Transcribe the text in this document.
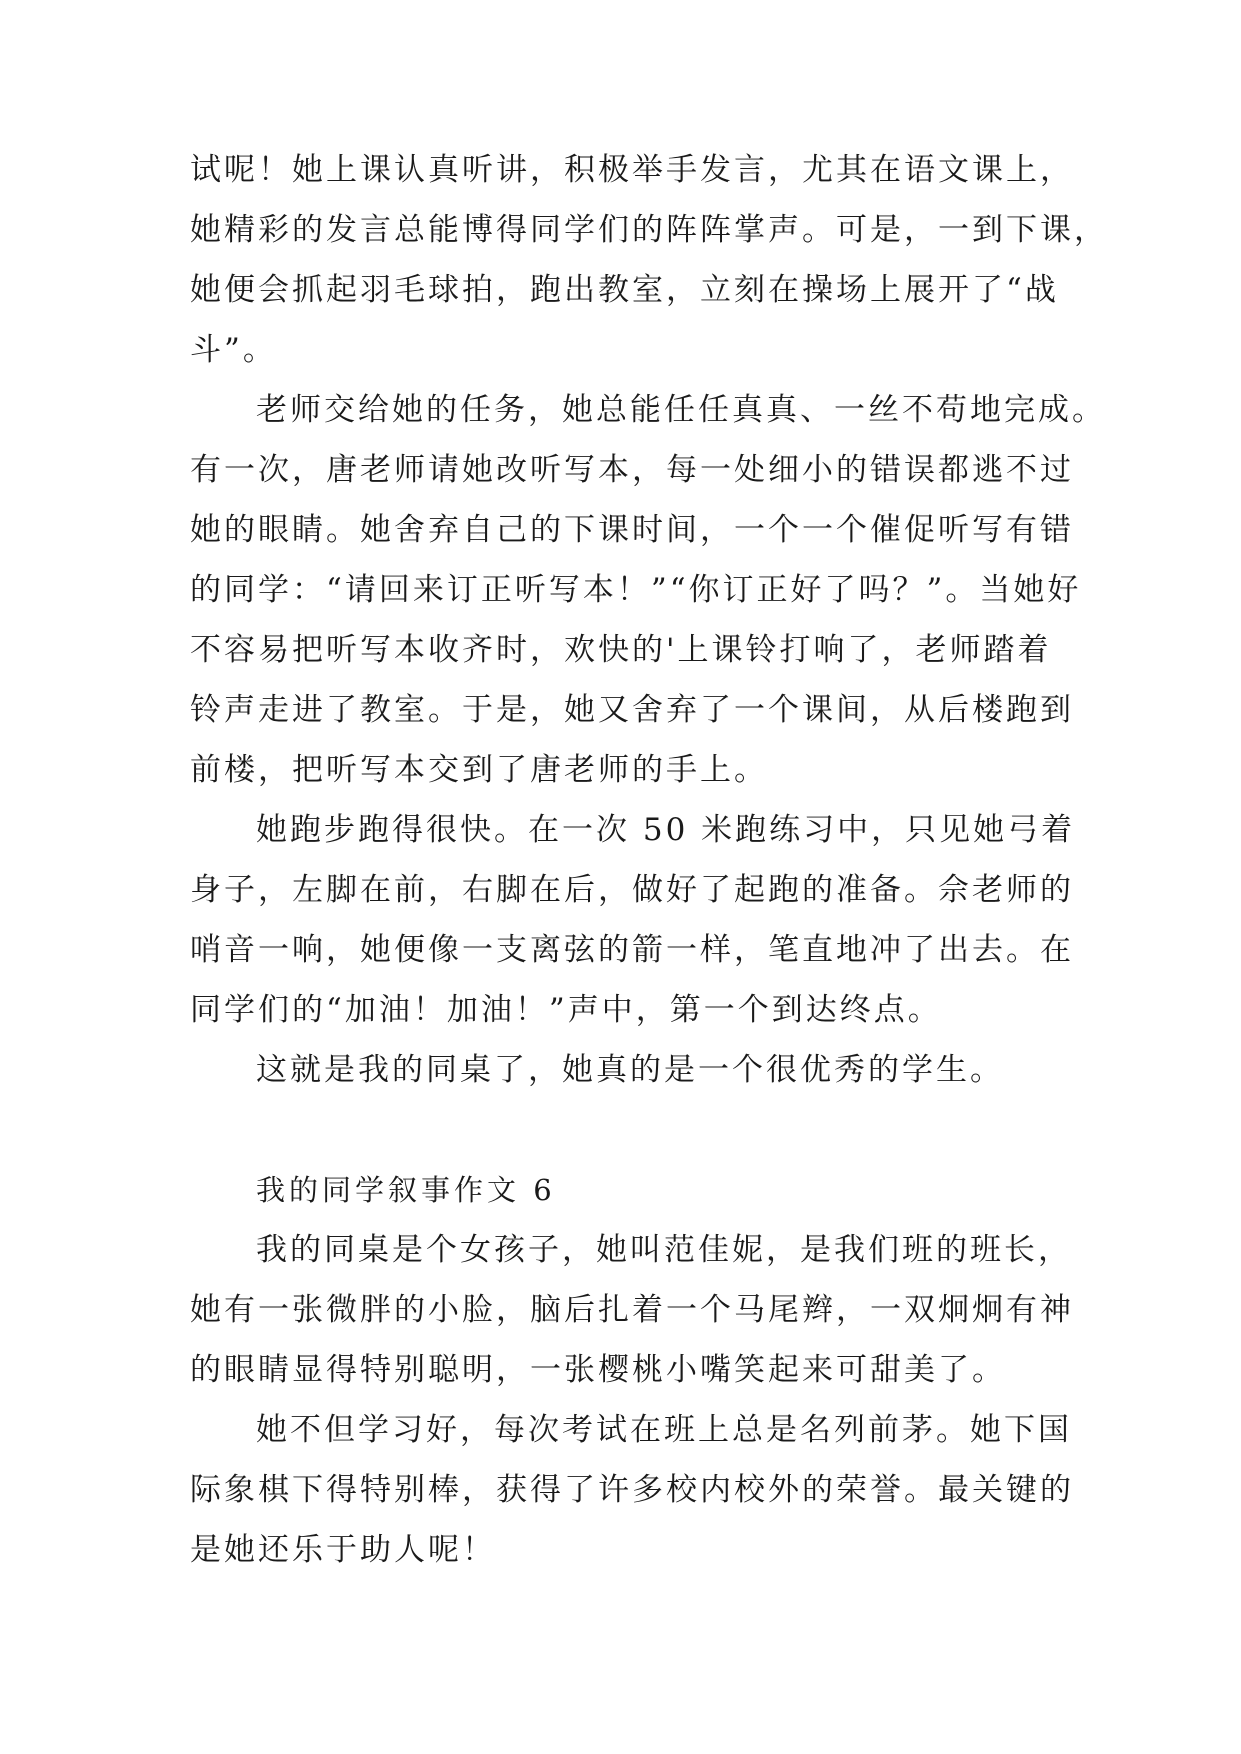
试呢！她上课认真听讲，积极举手发言，尤其在语文课上，
她精彩的发言总能博得同学们的阵阵掌声。可是，一到下课，
她便会抓起羽毛球拍，跑出教室，立刻在操场上展开了“战
斗”。
老师交给她的任务，她总能任任真真、一丝不苟地完成。
有一次，唐老师请她改听写本，每一处细小的错误都逃不过
她的眼睛。她舍弃自己的下课时间，一个一个催促听写有错
的同学：“请回来订正听写本！”“你订正好了吗？”。当她好
不容易把听写本收齐时，欢快的'上课铃打响了，老师踏着
铃声走进了教室。于是，她又舍弃了一个课间，从后楼跑到
前楼，把听写本交到了唐老师的手上。
她跑步跑得很快。在一次 50 米跑练习中，只见她弓着
身子，左脚在前，右脚在后，做好了起跑的准备。佘老师的
哨音一响，她便像一支离弦的箭一样，笔直地冲了出去。在
同学们的“加油！加油！”声中，第一个到达终点。
这就是我的同桌了，她真的是一个很优秀的学生。
我的同学叙事作文 6
我的同桌是个女孩子，她叫范佳妮，是我们班的班长，
她有一张微胖的小脸，脑后扎着一个马尾辫，一双炯炯有神
的眼睛显得特别聪明，一张樱桃小嘴笑起来可甜美了。
她不但学习好，每次考试在班上总是名列前茅。她下国
际象棋下得特别棒，获得了许多校内校外的荣誉。最关键的
是她还乐于助人呢！
